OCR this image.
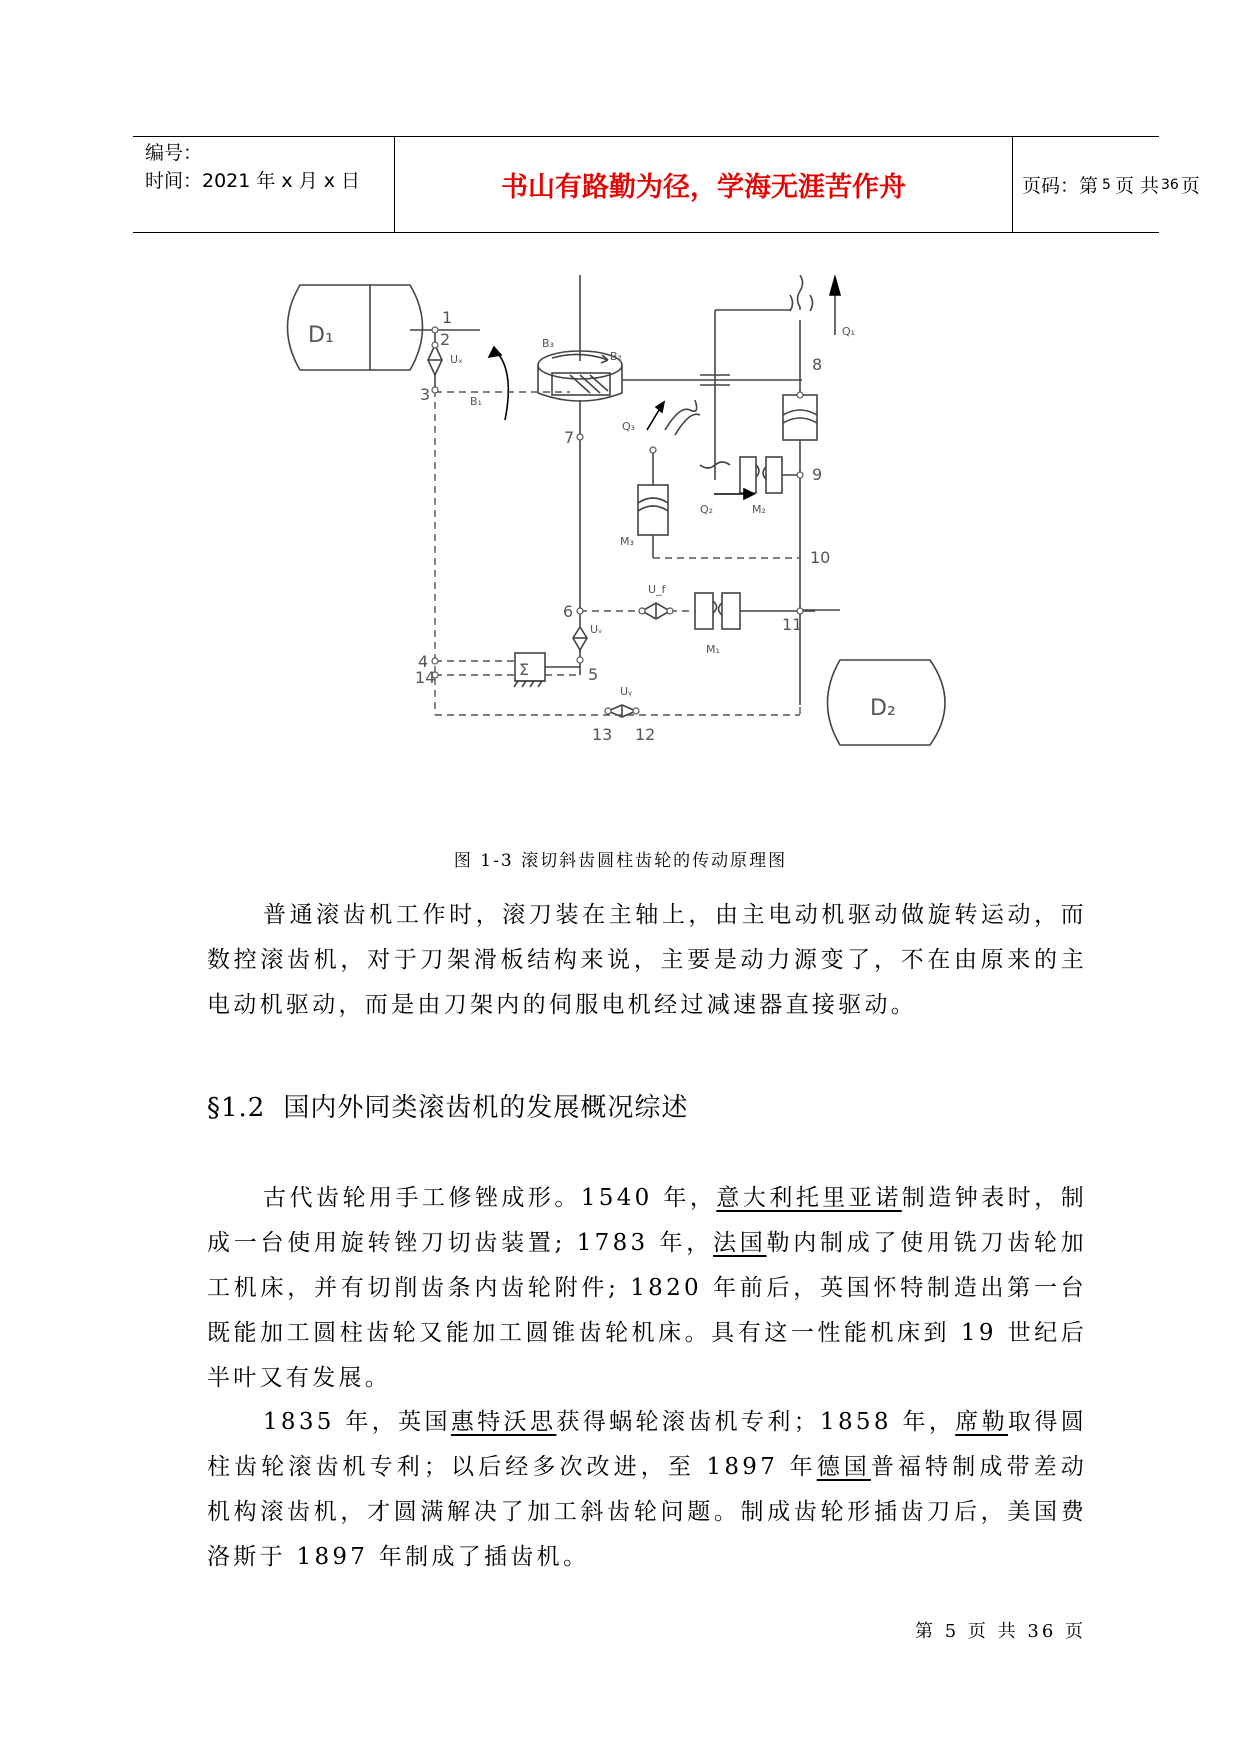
编号：
时间：2021 年 x 月 x 日	书山有路勤为径，学海无涯苦作舟	页码：第 5 页 共 36 页
D₁
D₂
1
2
3
4
14	5
6
7
8
9
10
11
12
13
B₃
B₂
B₁
Q₁
Q₂
Q₃
M₂
M₃
M₁
Uₓ
U_f
Uᵥ
Uᵧ
Σ
图 1-3 滚切斜齿圆柱齿轮的传动原理图

普通滚齿机工作时，滚刀装在主轴上，由主电动机驱动做旋转运动，而数控滚齿机，对于刀架滑板结构来说，主要是动力源变了，不在由原来的主电动机驱动，而是由刀架内的伺服电机经过减速器直接驱动。

§1.2 国内外同类滚齿机的发展概况综述

古代齿轮用手工修锉成形。1540 年，意大利托里亚诺制造钟表时，制成一台使用旋转锉刀切齿装置; 1783 年，法国勒内制成了使用铣刀齿轮加工机床，并有切削齿条内齿轮附件; 1820 年前后，英国怀特制造出第一台既能加工圆柱齿轮又能加工圆锥齿轮机床。具有这一性能机床到 19 世纪后半叶又有发展。

1835 年，英国惠特沃思获得蜗轮滚齿机专利；1858 年，席勒取得圆柱齿轮滚齿机专利；以后经多次改进，至 1897 年德国普福特制成带差动机构滚齿机，才圆满解决了加工斜齿轮问题。制成齿轮形插齿刀后，美国费洛斯于 1897 年制成了插齿机。

第 5 页 共 36 页
